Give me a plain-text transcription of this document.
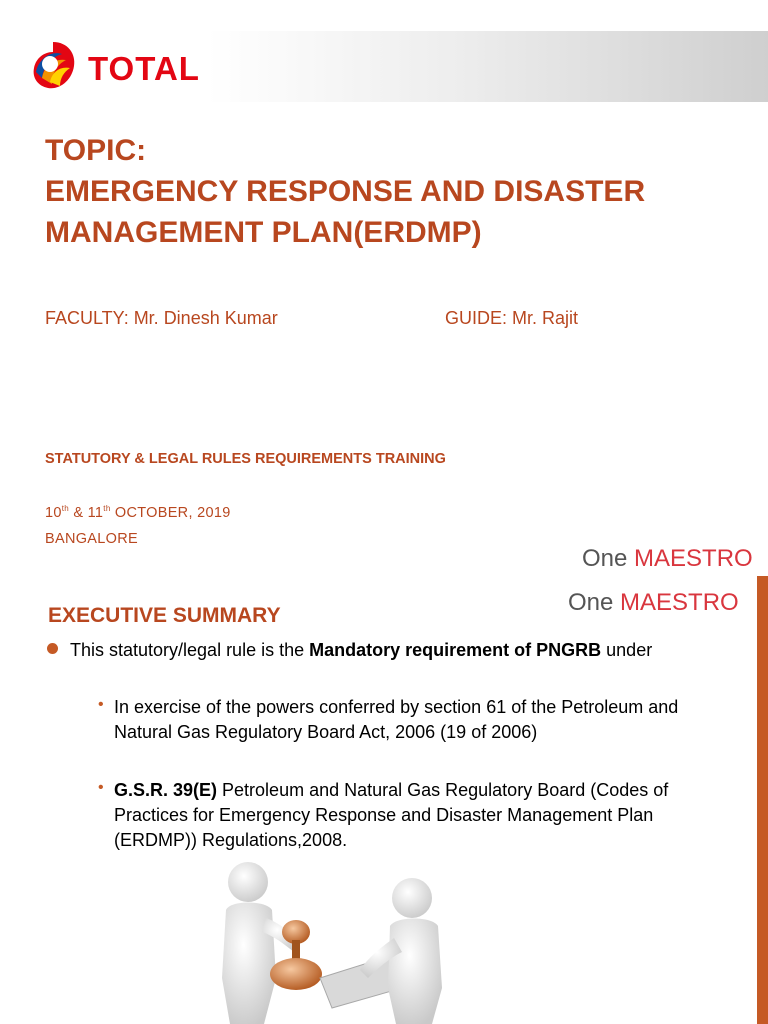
TOTAL
TOPIC:
EMERGENCY RESPONSE AND DISASTER
MANAGEMENT PLAN(ERDMP)
FACULTY: Mr. Dinesh Kumar	GUIDE: Mr. Rajit
STATUTORY & LEGAL RULES REQUIREMENTS TRAINING
10th & 11th OCTOBER, 2019
BANGALORE
One MAESTRO
One MAESTRO
EXECUTIVE SUMMARY
This statutory/legal rule is the Mandatory requirement of PNGRB under
• In exercise of the powers conferred by section 61 of the Petroleum and Natural Gas Regulatory Board Act, 2006 (19 of 2006)
• G.S.R. 39(E) Petroleum and Natural Gas Regulatory Board (Codes of Practices for Emergency Response and Disaster Management Plan (ERDMP)) Regulations,2008.
